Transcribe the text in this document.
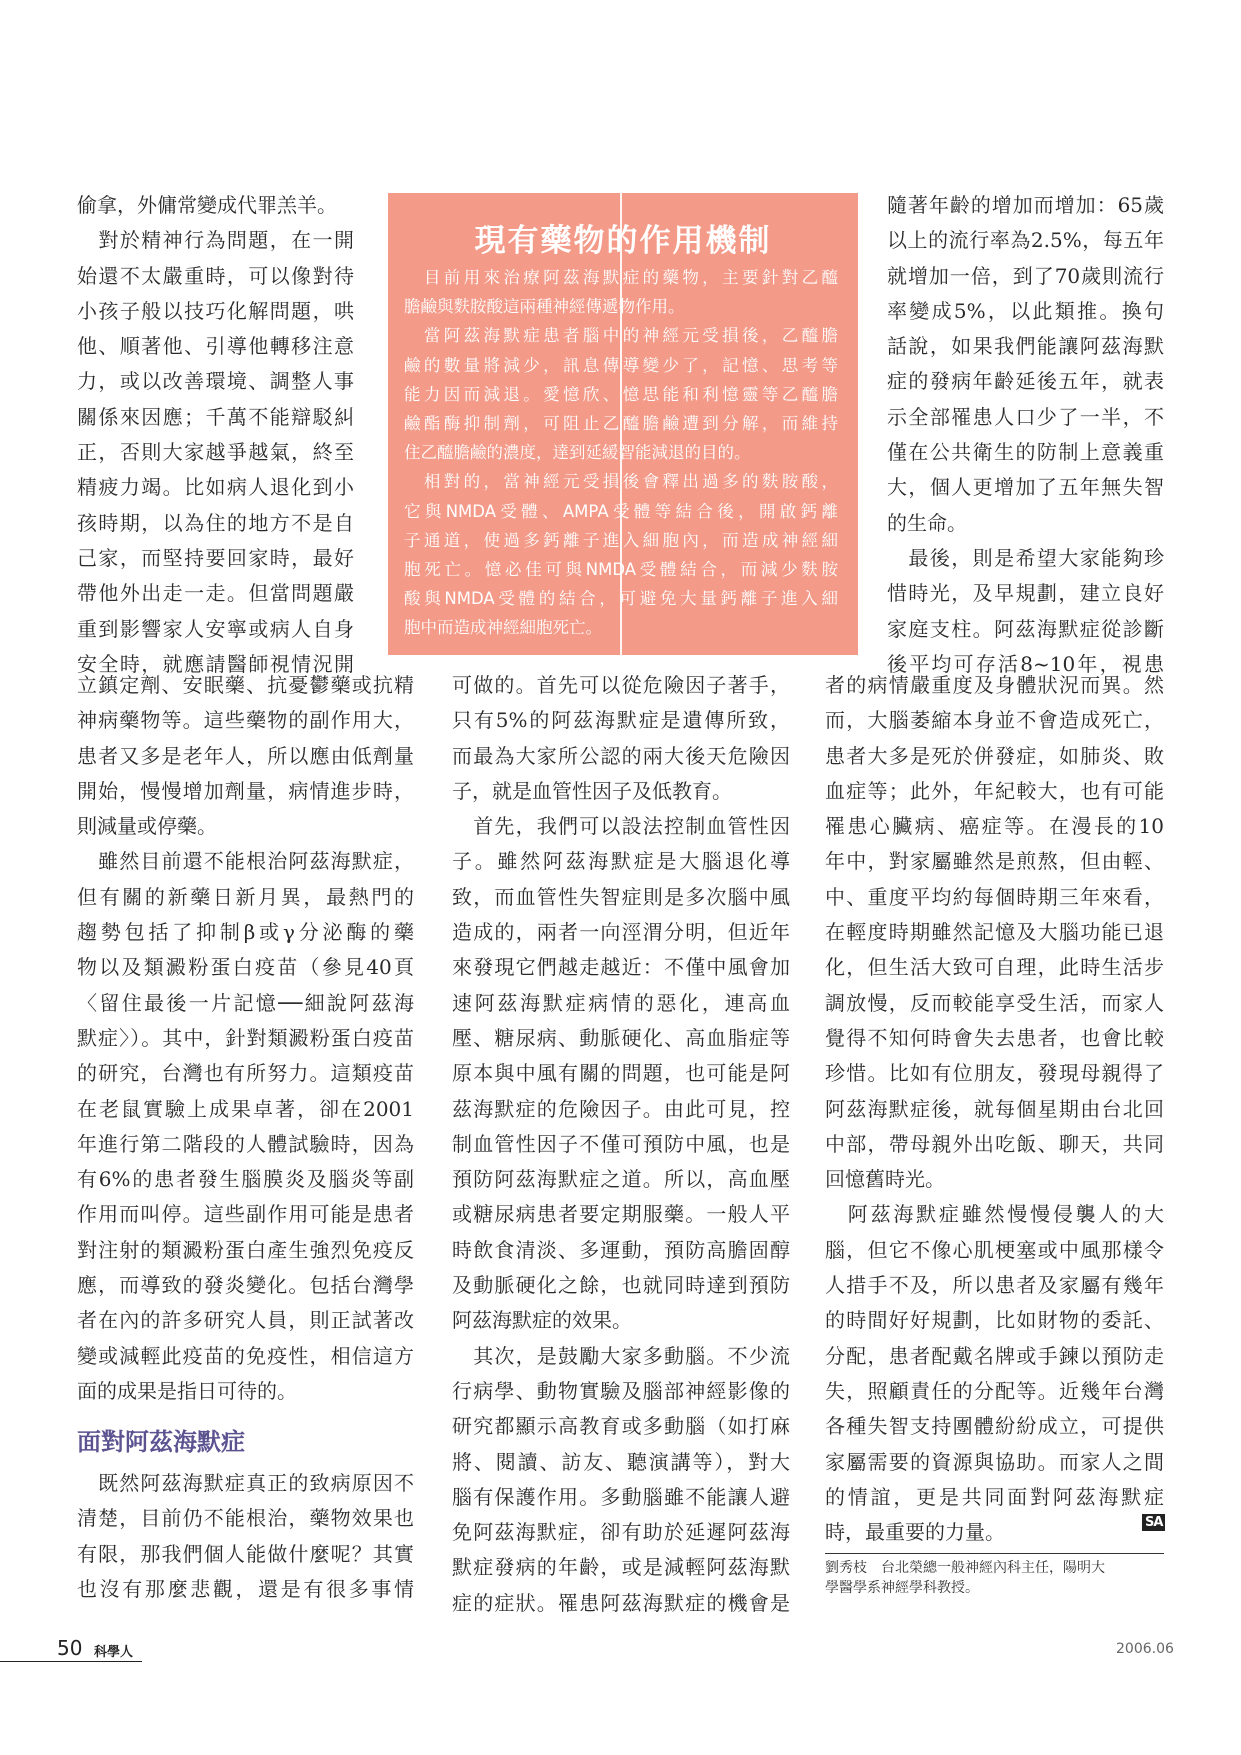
偷拿，外傭常變成代罪羔羊。
　對於精神行為問題，在一開
始還不太嚴重時，可以像對待
小孩子般以技巧化解問題，哄
他、順著他、引導他轉移注意
力，或以改善環境、調整人事
關係來因應；千萬不能辯駁糾
正，否則大家越爭越氣，終至
精疲力竭。比如病人退化到小
孩時期，以為住的地方不是自
己家，而堅持要回家時，最好
帶他外出走一走。但當問題嚴
重到影響家人安寧或病人自身
安全時，就應請醫師視情況開
現有藥物的作用機制
　目前用來治療阿茲海默症的藥物，主要針對乙醯
膽鹼與麩胺酸這兩種神經傳遞物作用。
　當阿茲海默症患者腦中的神經元受損後，乙醯膽
鹼的數量將減少，訊息傳導變少了，記憶、思考等
能力因而減退。愛憶欣、憶思能和利憶靈等乙醯膽
鹼酯酶抑制劑，可阻止乙醯膽鹼遭到分解，而維持
住乙醯膽鹼的濃度，達到延緩智能減退的目的。
　相對的，當神經元受損後會釋出過多的麩胺酸，
它與NMDA受體、AMPA受體等結合後，開啟鈣離
子通道，使過多鈣離子進入細胞內，而造成神經細
胞死亡。憶必佳可與NMDA受體結合，而減少麩胺
酸與NMDA受體的結合，可避免大量鈣離子進入細
胞中而造成神經細胞死亡。
隨著年齡的增加而增加：65歲
以上的流行率為2.5%，每五年
就增加一倍，到了70歲則流行
率變成5%，以此類推。換句
話說，如果我們能讓阿茲海默
症的發病年齡延後五年，就表
示全部罹患人口少了一半，不
僅在公共衛生的防制上意義重
大，個人更增加了五年無失智
的生命。
　最後，則是希望大家能夠珍
惜時光，及早規劃，建立良好
家庭支柱。阿茲海默症從診斷
後平均可存活8~10年，視患
立鎮定劑、安眠藥、抗憂鬱藥或抗精
神病藥物等。這些藥物的副作用大，
患者又多是老年人，所以應由低劑量
開始，慢慢增加劑量，病情進步時，
則減量或停藥。
　雖然目前還不能根治阿茲海默症，
但有關的新藥日新月異，最熱門的
趨勢包括了抑制β或γ分泌酶的藥
物以及類澱粉蛋白疫苗（參見40頁
〈留住最後一片記憶──細說阿茲海
默症〉）。其中，針對類澱粉蛋白疫苗
的研究，台灣也有所努力。這類疫苗
在老鼠實驗上成果卓著，卻在2001
年進行第二階段的人體試驗時，因為
有6%的患者發生腦膜炎及腦炎等副
作用而叫停。這些副作用可能是患者
對注射的類澱粉蛋白產生強烈免疫反
應，而導致的發炎變化。包括台灣學
者在內的許多研究人員，則正試著改
變或減輕此疫苗的免疫性，相信這方
面的成果是指日可待的。
面對阿茲海默症
　既然阿茲海默症真正的致病原因不
清楚，目前仍不能根治，藥物效果也
有限，那我們個人能做什麼呢？其實
也沒有那麼悲觀，還是有很多事情
可做的。首先可以從危險因子著手，
只有5%的阿茲海默症是遺傳所致，
而最為大家所公認的兩大後天危險因
子，就是血管性因子及低教育。
　首先，我們可以設法控制血管性因
子。雖然阿茲海默症是大腦退化導
致，而血管性失智症則是多次腦中風
造成的，兩者一向涇渭分明，但近年
來發現它們越走越近：不僅中風會加
速阿茲海默症病情的惡化，連高血
壓、糖尿病、動脈硬化、高血脂症等
原本與中風有關的問題，也可能是阿
茲海默症的危險因子。由此可見，控
制血管性因子不僅可預防中風，也是
預防阿茲海默症之道。所以，高血壓
或糖尿病患者要定期服藥。一般人平
時飲食清淡、多運動，預防高膽固醇
及動脈硬化之餘，也就同時達到預防
阿茲海默症的效果。
　其次，是鼓勵大家多動腦。不少流
行病學、動物實驗及腦部神經影像的
研究都顯示高教育或多動腦（如打麻
將、閱讀、訪友、聽演講等），對大
腦有保護作用。多動腦雖不能讓人避
免阿茲海默症，卻有助於延遲阿茲海
默症發病的年齡，或是減輕阿茲海默
症的症狀。罹患阿茲海默症的機會是
者的病情嚴重度及身體狀況而異。然
而，大腦萎縮本身並不會造成死亡，
患者大多是死於併發症，如肺炎、敗
血症等；此外，年紀較大，也有可能
罹患心臟病、癌症等。在漫長的10
年中，對家屬雖然是煎熬，但由輕、
中、重度平均約每個時期三年來看，
在輕度時期雖然記憶及大腦功能已退
化，但生活大致可自理，此時生活步
調放慢，反而較能享受生活，而家人
覺得不知何時會失去患者，也會比較
珍惜。比如有位朋友，發現母親得了
阿茲海默症後，就每個星期由台北回
中部，帶母親外出吃飯、聊天，共同
回憶舊時光。
　阿茲海默症雖然慢慢侵襲人的大
腦，但它不像心肌梗塞或中風那樣令
人措手不及，所以患者及家屬有幾年
的時間好好規劃，比如財物的委託、
分配，患者配戴名牌或手鍊以預防走
失，照顧責任的分配等。近幾年台灣
各種失智支持團體紛紛成立，可提供
家屬需要的資源與協助。而家人之間
的情誼，更是共同面對阿茲海默症
時，最重要的力量。	SA
劉秀枝　台北榮總一般神經內科主任，陽明大
學醫學系神經學科教授。
50 科學人	2006.06
